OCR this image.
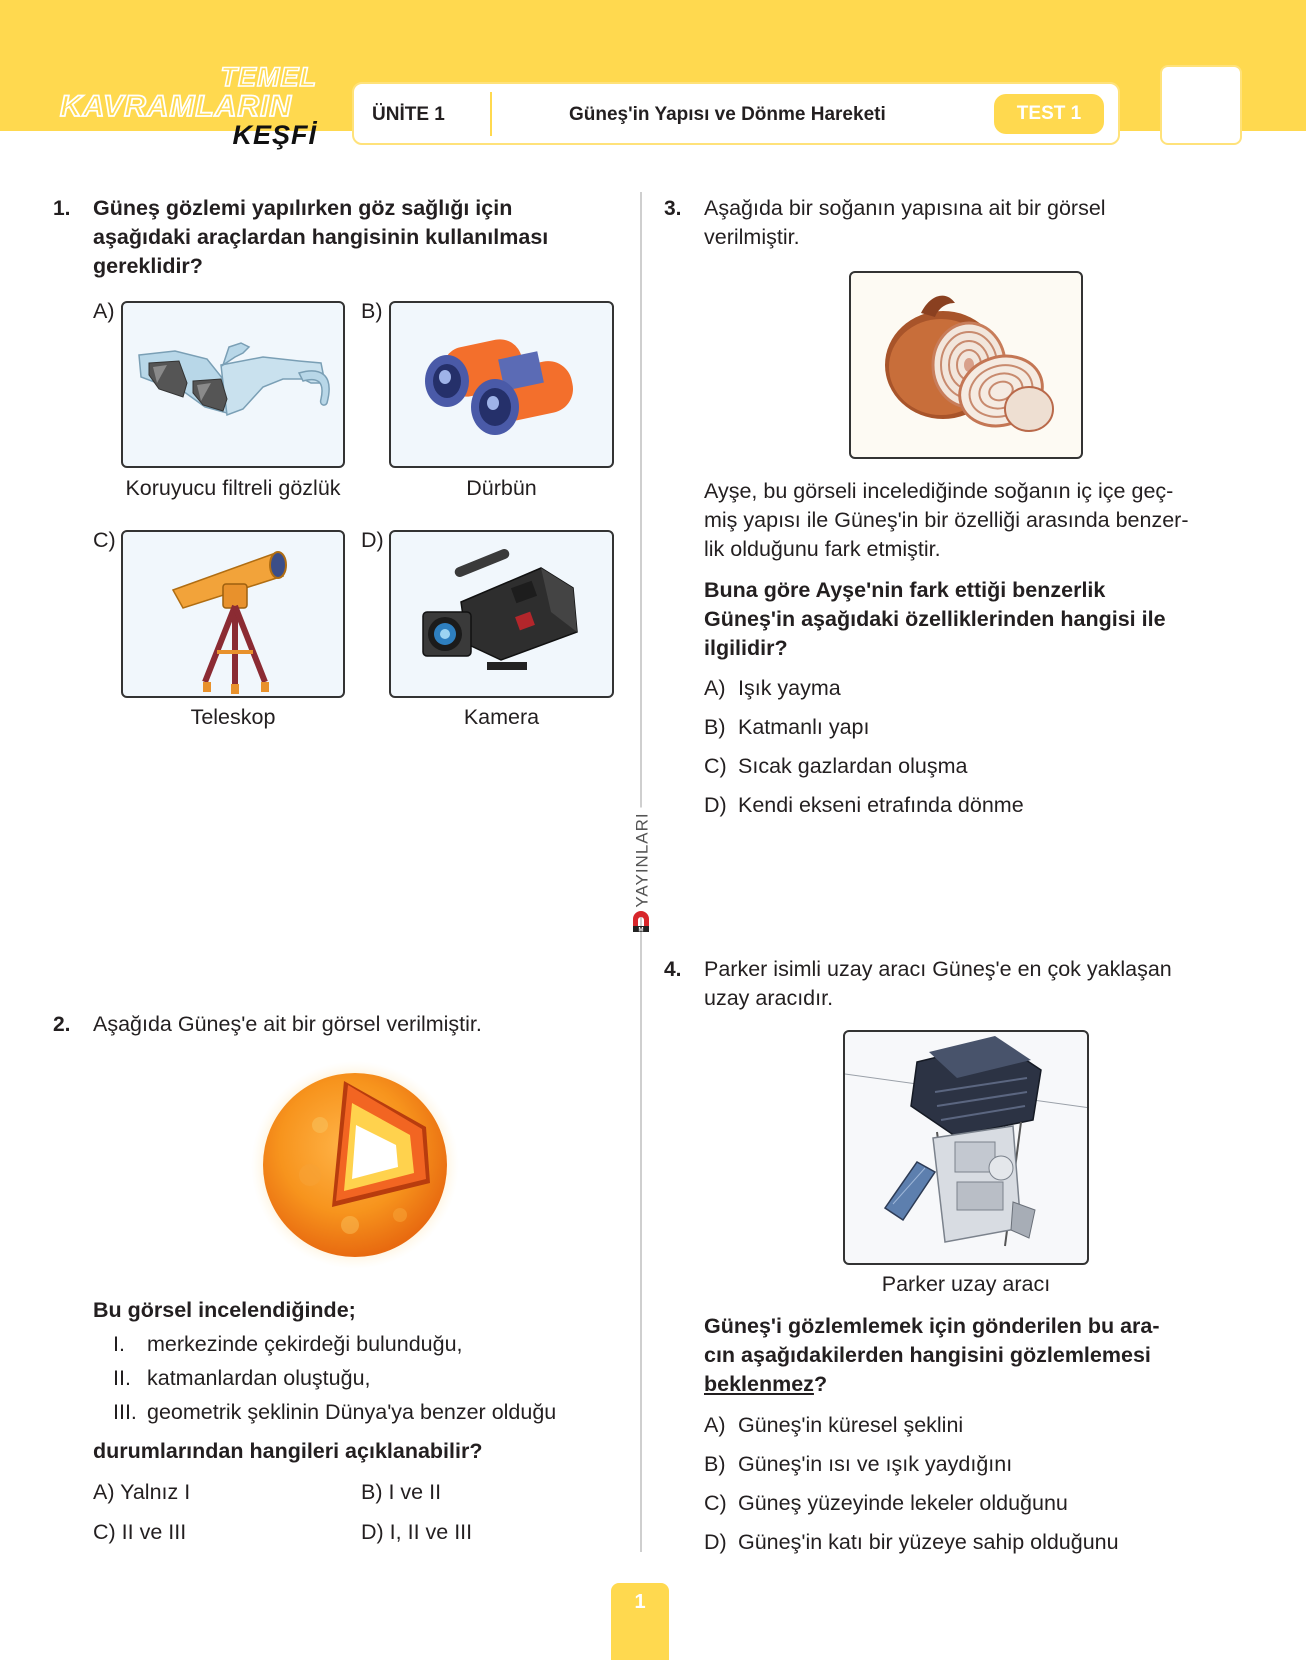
TEMEL
KAVRAMLARIN
KEŞFİ
ÜNİTE 1	Güneş'in Yapısı ve Dönme Hareketi	TEST 1
YAYINLARI
M
1. Güneş gözlemi yapılırken göz sağlığı için
aşağıdaki araçlardan hangisinin kullanılması
gereklidir?
A)
Koruyucu filtreli gözlük
B)
Dürbün
C)
Teleskop
D)
Kamera
2. Aşağıda Güneş'e ait bir görsel verilmiştir.
Bu görsel incelendiğinde;
I. merkezinde çekirdeği bulunduğu,
II. katmanlardan oluştuğu,
III. geometrik şeklinin Dünya'ya benzer olduğu
durumlarından hangileri açıklanabilir?
A) Yalnız I	B) I ve II
C) II ve III	D) I, II ve III
3. Aşağıda bir soğanın yapısına ait bir görsel
verilmiştir.
Ayşe, bu görseli incelediğinde soğanın iç içe geç-
miş yapısı ile Güneş'in bir özelliği arasında benzer-
lik olduğunu fark etmiştir.
Buna göre Ayşe'nin fark ettiği benzerlik
Güneş'in aşağıdaki özelliklerinden hangisi ile
ilgilidir?
A) Işık yayma
B) Katmanlı yapı
C) Sıcak gazlardan oluşma
D) Kendi ekseni etrafında dönme
4. Parker isimli uzay aracı Güneş'e en çok yaklaşan
uzay aracıdır.
Parker uzay aracı
Güneş'i gözlemlemek için gönderilen bu ara-
cın aşağıdakilerden hangisini gözlemlemesi
beklenmez?
A) Güneş'in küresel şeklini
B) Güneş'in ısı ve ışık yaydığını
C) Güneş yüzeyinde lekeler olduğunu
D) Güneş'in katı bir yüzeye sahip olduğunu
1
